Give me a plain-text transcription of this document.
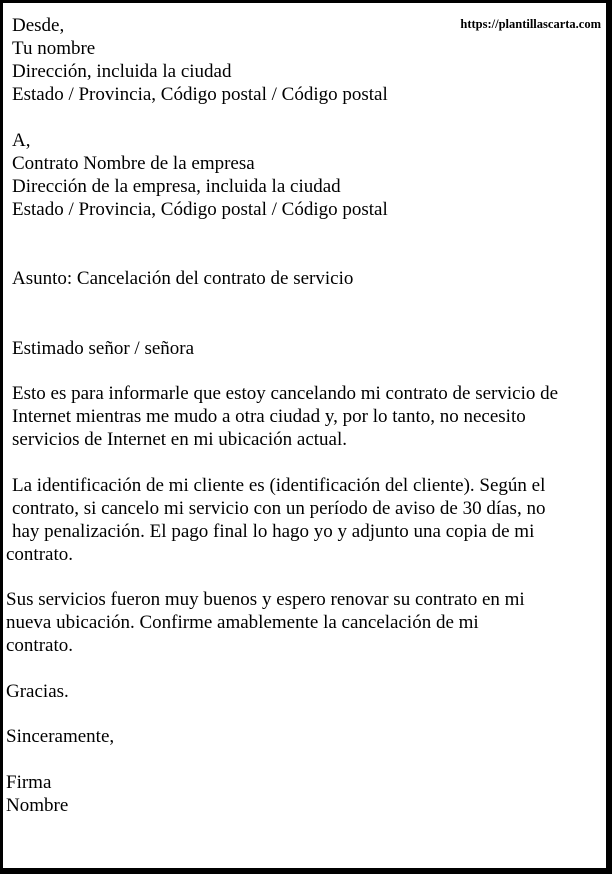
https://plantillascarta.com
Desde,
Tu nombre
Dirección, incluida la ciudad
Estado / Provincia, Código postal / Código postal
A,
Contrato Nombre de la empresa
Dirección de la empresa, incluida la ciudad
Estado / Provincia, Código postal / Código postal
Asunto: Cancelación del contrato de servicio
Estimado señor / señora
Esto es para informarle que estoy cancelando mi contrato de servicio de
Internet mientras me mudo a otra ciudad y, por lo tanto, no necesito
servicios de Internet en mi ubicación actual.
La identificación de mi cliente es (identificación del cliente). Según el
contrato, si cancelo mi servicio con un período de aviso de 30 días, no
hay penalización. El pago final lo hago yo y adjunto una copia de mi
contrato.
Sus servicios fueron muy buenos y espero renovar su contrato en mi
nueva ubicación. Confirme amablemente la cancelación de mi
contrato.
Gracias.
Sinceramente,
Firma
Nombre
